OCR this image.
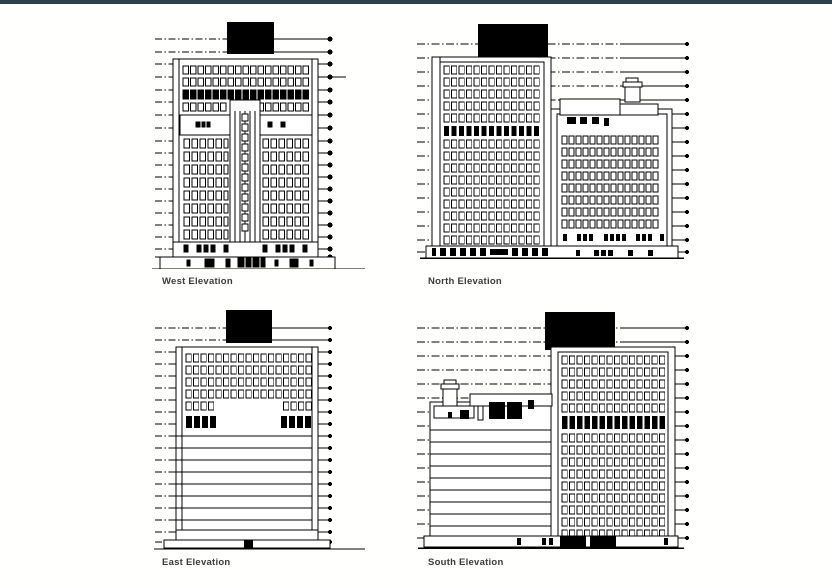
West Elevation	North Elevation
East Elevation	South Elevation
